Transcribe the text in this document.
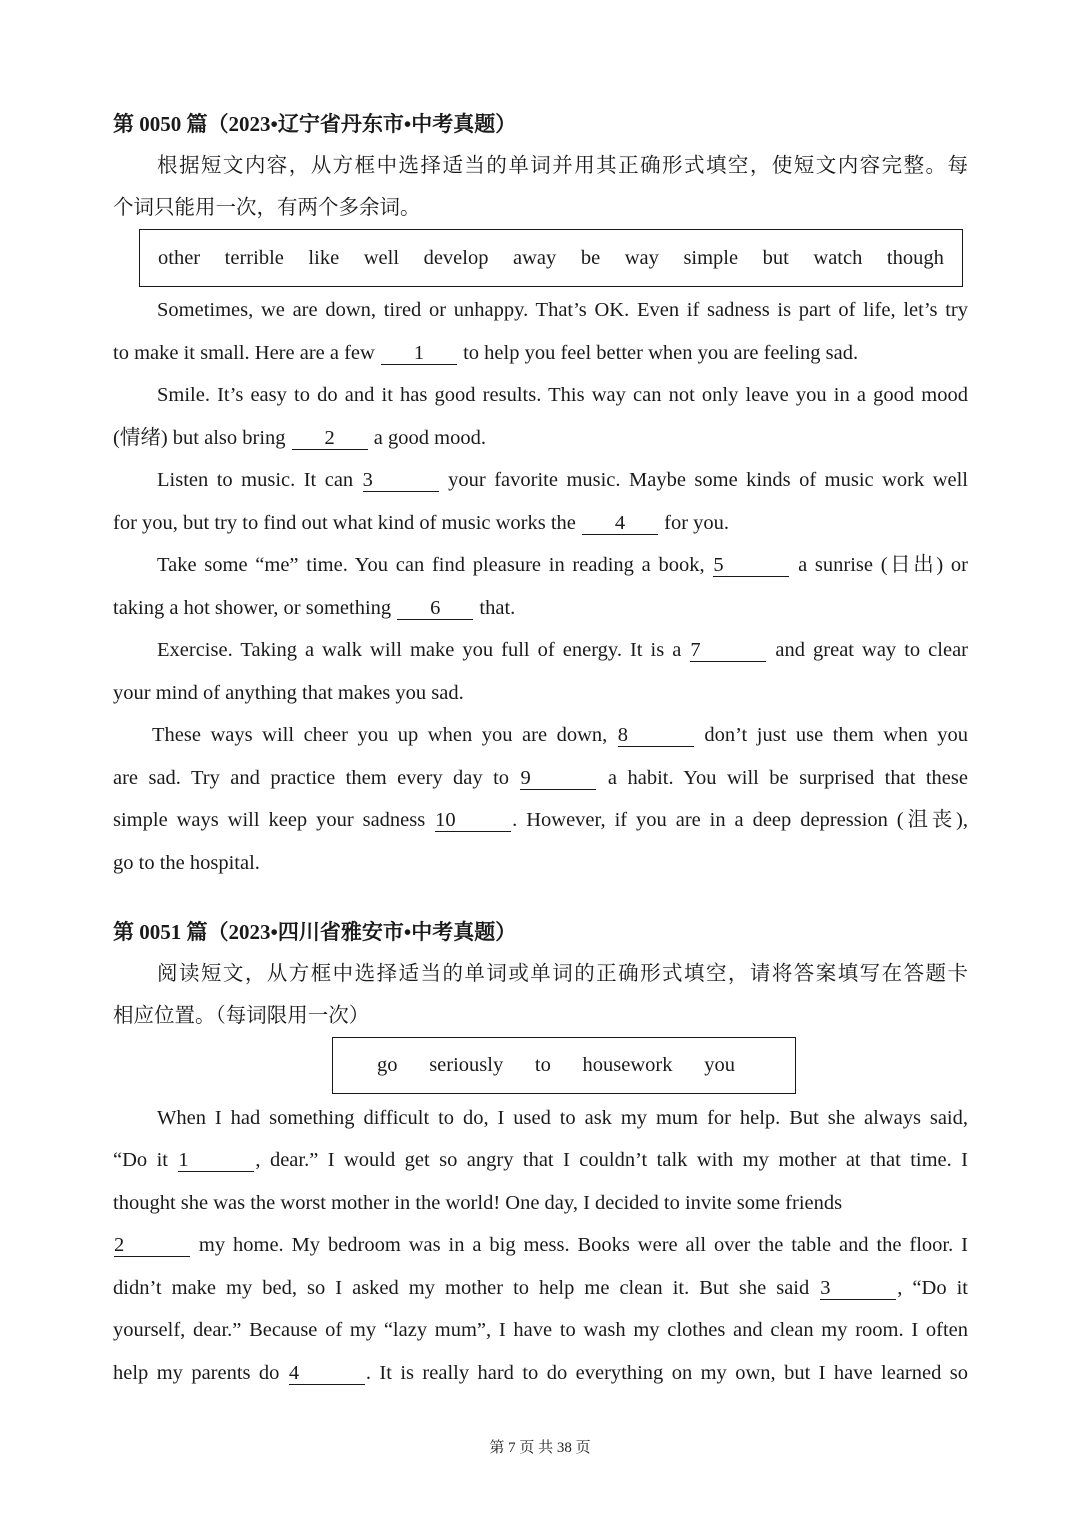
第 0050 篇（2023•辽宁省丹东市•中考真题）
根据短文内容，从方框中选择适当的单词并用其正确形式填空，使短文内容完整。每
个词只能用一次，有两个多余词。
other terrible like well develop away be way simple but watch though
Sometimes, we are down, tired or unhappy. That’s OK. Even if sadness is part of life, let’s try
to make it small. Here are a few 1 to help you feel better when you are feeling sad.
Smile. It’s easy to do and it has good results. This way can not only leave you in a good mood
(情绪) but also bring 2 a good mood.
Listen to music. It can 3	your favorite music. Maybe some kinds of music work well
for you, but try to find out what kind of music works the 4 for you.
Take some “me” time. You can find pleasure in reading a book, 5	a sunrise (日出) or
taking a hot shower, or something 6 that.
Exercise. Taking a walk will make you full of energy. It is a 7	and great way to clear
your mind of anything that makes you sad.
These ways will cheer you up when you are down, 8	don’t just use them when you
are sad. Try and practice them every day to 9	a habit. You will be surprised that these
simple ways will keep your sadness 10	. However, if you are in a deep depression (沮丧),
go to the hospital.
第 0051 篇（2023•四川省雅安市•中考真题）
阅读短文，从方框中选择适当的单词或单词的正确形式填空，请将答案填写在答题卡
相应位置。（每词限用一次）
go seriously to housework you
When I had something difficult to do, I used to ask my mum for help. But she always said,
“Do it 1	, dear.” I would get so angry that I couldn’t talk with my mother at that time. I
thought she was the worst mother in the world! One day, I decided to invite some friends
2	my home. My bedroom was in a big mess. Books were all over the table and the floor. I
didn’t make my bed, so I asked my mother to help me clean it. But she said 3	, “Do it
yourself, dear.” Because of my “lazy mum”, I have to wash my clothes and clean my room. I often
help my parents do 4	. It is really hard to do everything on my own, but I have learned so
第 7 页 共 38 页
